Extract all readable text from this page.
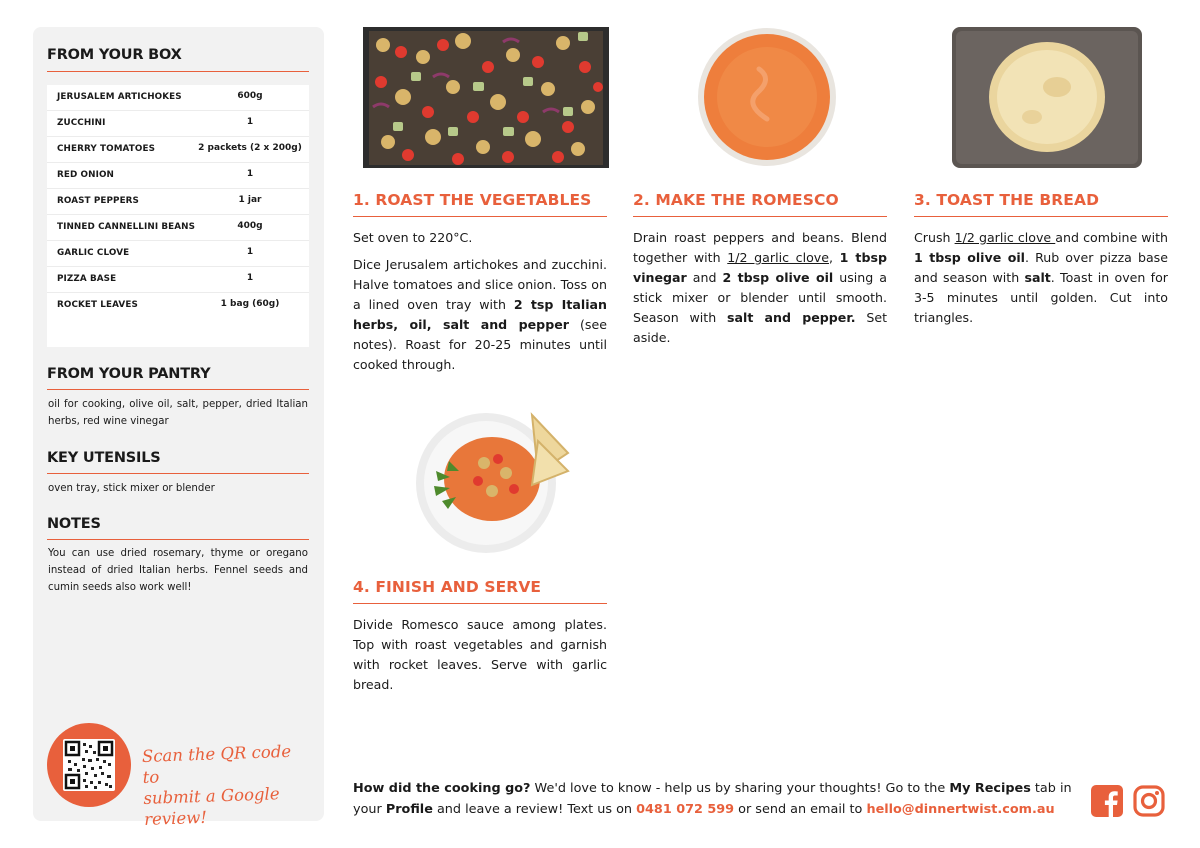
FROM YOUR BOX
JERUSALEM ARTICHOKES	600g
ZUCCHINI	1
CHERRY TOMATOES	2 packets (2 x 200g)
RED ONION	1
ROAST PEPPERS	1 jar
TINNED CANNELLINI BEANS	400g
GARLIC CLOVE	1
PIZZA BASE	1
ROCKET LEAVES	1 bag (60g)
FROM YOUR PANTRY
oil for cooking, olive oil, salt, pepper, dried Italian herbs, red wine vinegar
KEY UTENSILS
oven tray, stick mixer or blender
NOTES
You can use dried rosemary, thyme or oregano instead of dried Italian herbs. Fennel seeds and cumin seeds also work well!
Scan the QR code to
submit a Google review!
1. ROAST THE VEGETABLES

Set oven to 220°C.

Dice Jerusalem artichokes and zucchini. Halve tomatoes and slice onion. Toss on a lined oven tray with 2 tsp Italian herbs, oil, salt and pepper (see notes). Roast for 20-25 minutes until cooked through.

2. MAKE THE ROMESCO

Drain roast peppers and beans. Blend together with 1/2 garlic clove, 1 tbsp vinegar and 2 tbsp olive oil using a stick mixer or blender until smooth. Season with salt and pepper. Set aside.

3. TOAST THE BREAD

Crush 1/2 garlic clove and combine with 1 tbsp olive oil. Rub over pizza base and season with salt. Toast in oven for 3-5 minutes until golden. Cut into triangles.

4. FINISH AND SERVE

Divide Romesco sauce among plates. Top with roast vegetables and garnish with rocket leaves. Serve with garlic bread.

How did the cooking go? We'd love to know - help us by sharing your thoughts! Go to the My Recipes tab in your Profile and leave a review! Text us on 0481 072 599 or send an email to hello@dinnertwist.com.au
